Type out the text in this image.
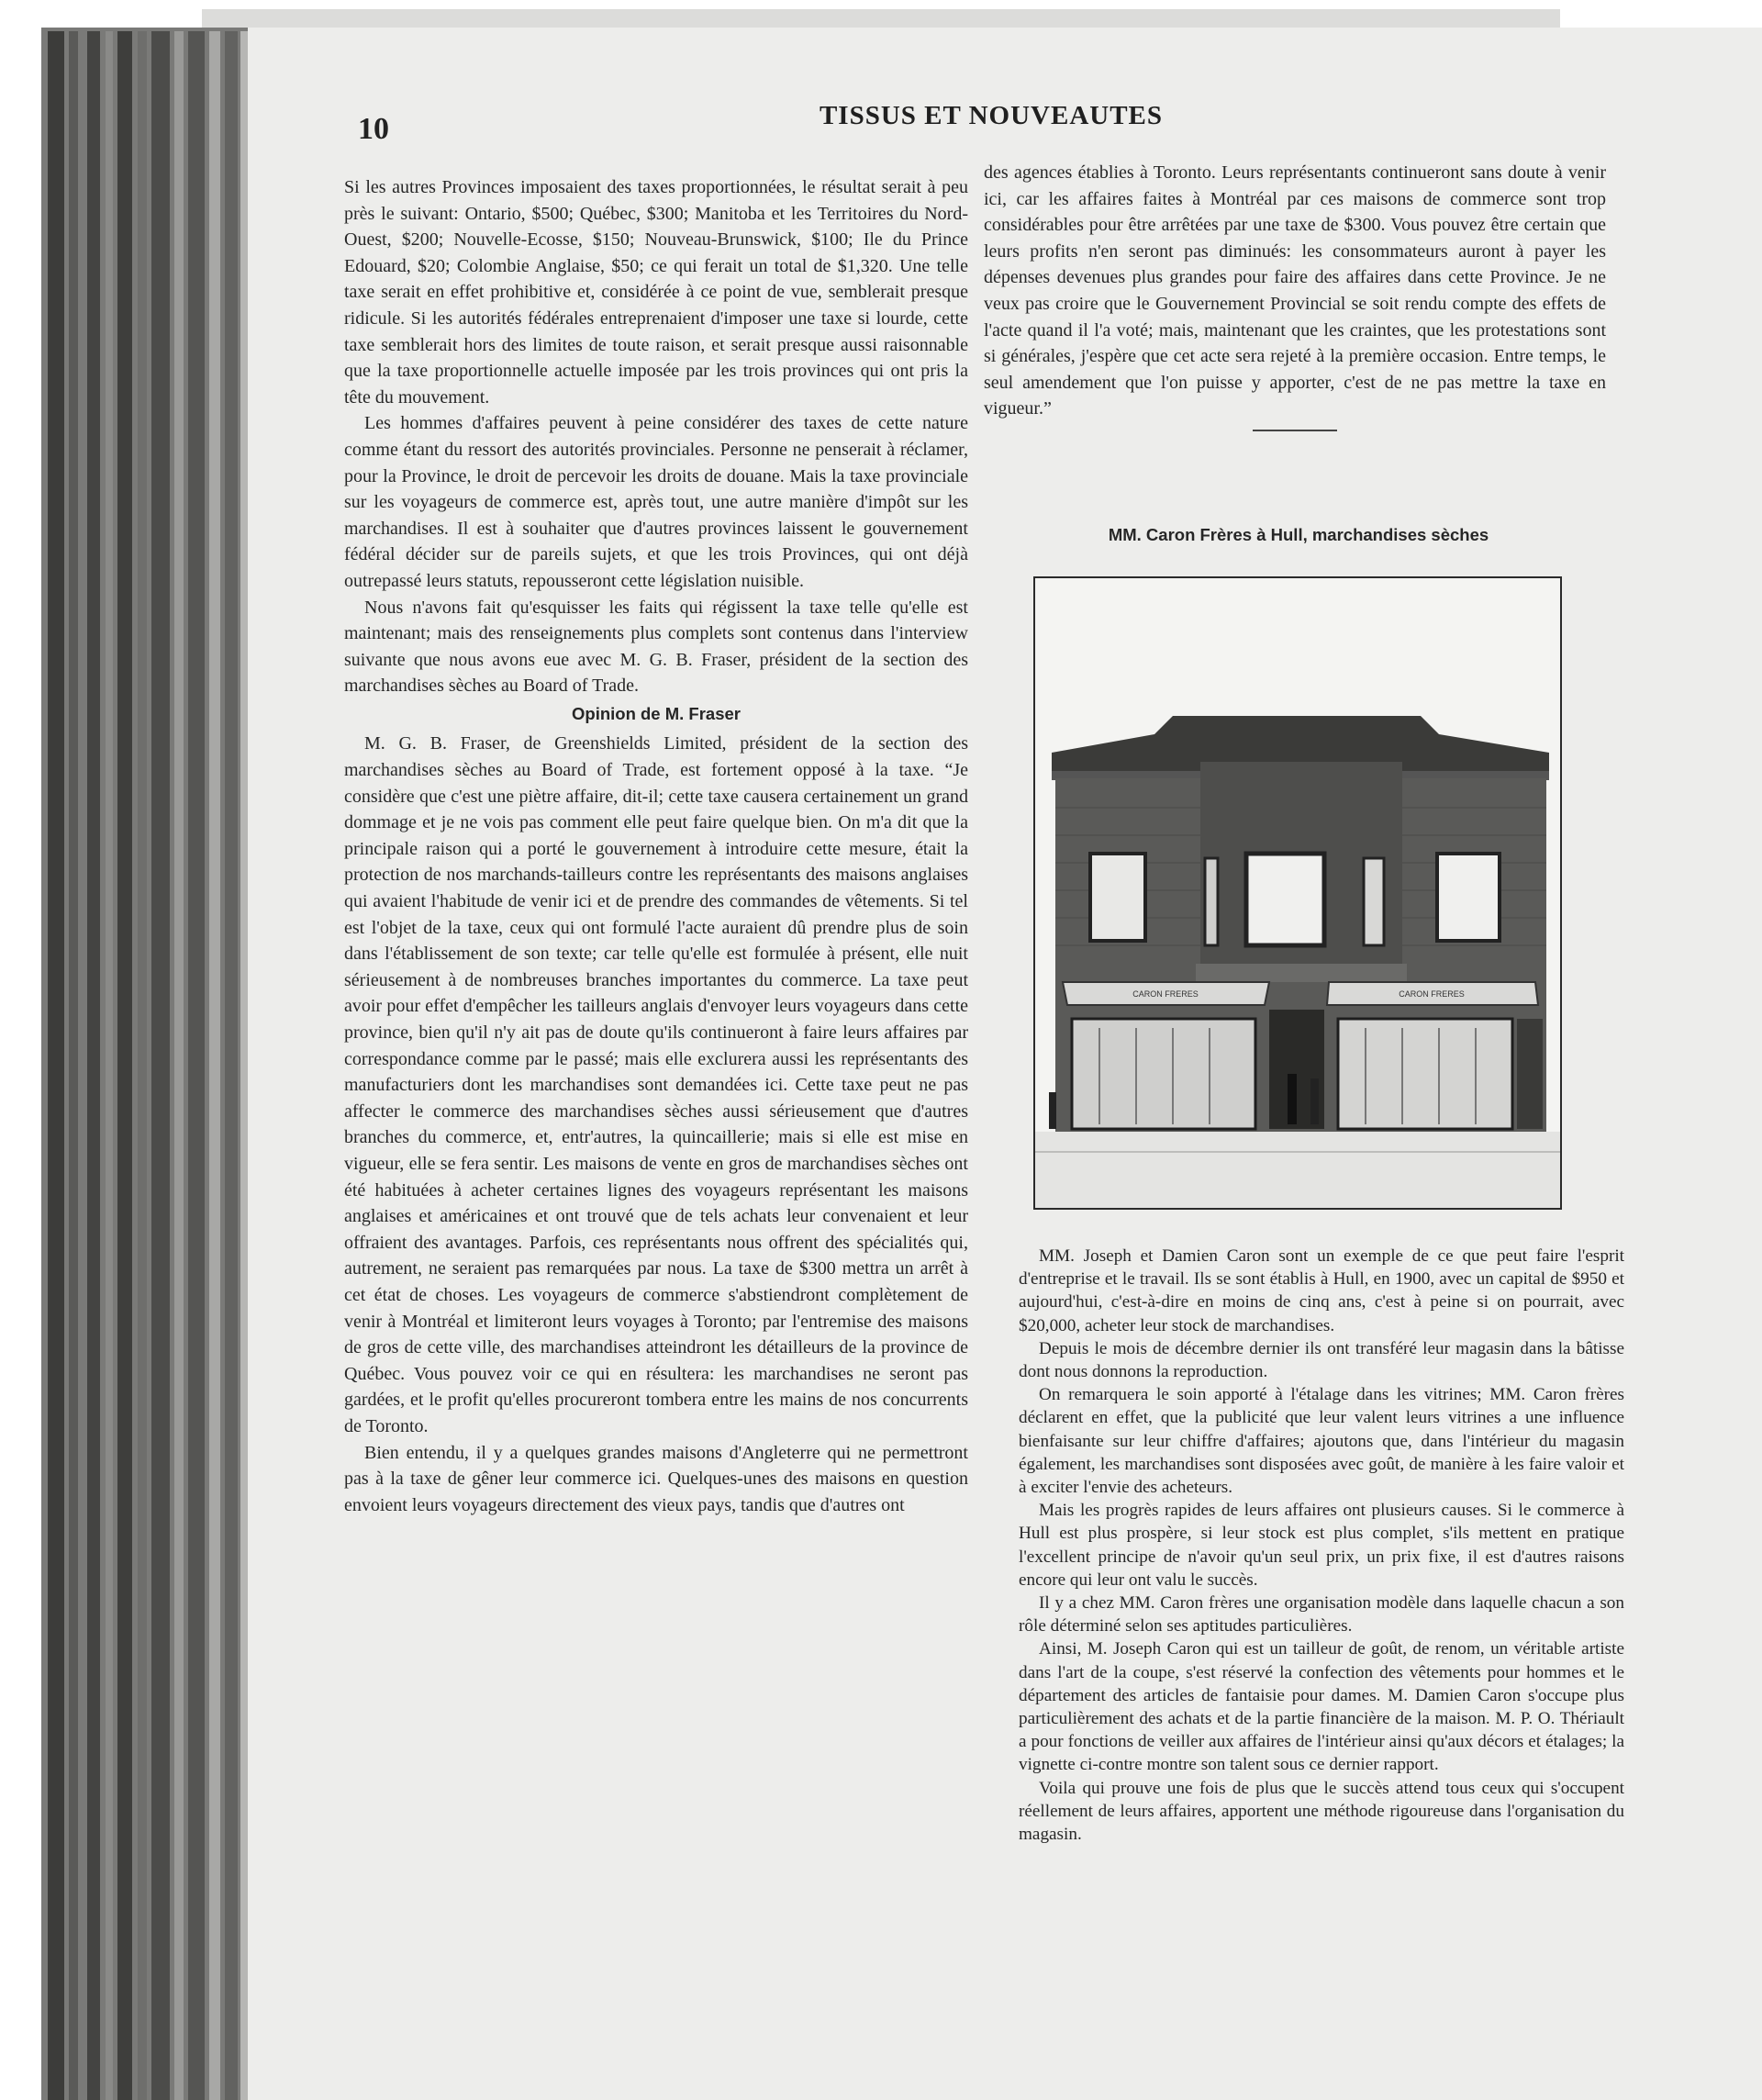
10	TISSUS ET NOUVEAUTES

Si les autres Provinces imposaient des taxes proportionnées, le résultat serait à peu près le suivant: Ontario, $500; Québec, $300; Manitoba et les Territoires du Nord-Ouest, $200; Nouvelle-Ecosse, $150; Nouveau-Brunswick, $100; Ile du Prince Edouard, $20; Colombie Anglaise, $50; ce qui ferait un total de $1,320. Une telle taxe serait en effet prohibitive et, considérée à ce point de vue, semblerait presque ridicule. Si les autorités fédérales entreprenaient d'imposer une taxe si lourde, cette taxe semblerait hors des limites de toute raison, et serait presque aussi raisonnable que la taxe proportionnelle actuelle imposée par les trois provinces qui ont pris la tête du mouvement.

Les hommes d'affaires peuvent à peine considérer des taxes de cette nature comme étant du ressort des autorités provinciales. Personne ne penserait à réclamer, pour la Province, le droit de percevoir les droits de douane. Mais la taxe provinciale sur les voyageurs de commerce est, après tout, une autre manière d'impôt sur les marchandises. Il est à souhaiter que d'autres provinces laissent le gouvernement fédéral décider sur de pareils sujets, et que les trois Provinces, qui ont déjà outrepassé leurs statuts, repousseront cette législation nuisible.

Nous n'avons fait qu'esquisser les faits qui régissent la taxe telle qu'elle est maintenant; mais des renseignements plus complets sont contenus dans l'interview suivante que nous avons eue avec M. G. B. Fraser, président de la section des marchandises sèches au Board of Trade.

Opinion de M. Fraser

M. G. B. Fraser, de Greenshields Limited, président de la section des marchandises sèches au Board of Trade, est fortement opposé à la taxe. “Je considère que c'est une piètre affaire, dit-il; cette taxe causera certainement un grand dommage et je ne vois pas comment elle peut faire quelque bien. On m'a dit que la principale raison qui a porté le gouvernement à introduire cette mesure, était la protection de nos marchands-tailleurs contre les représentants des maisons anglaises qui avaient l'habitude de venir ici et de prendre des commandes de vêtements. Si tel est l'objet de la taxe, ceux qui ont formulé l'acte auraient dû prendre plus de soin dans l'établissement de son texte; car telle qu'elle est formulée à présent, elle nuit sérieusement à de nombreuses branches importantes du commerce. La taxe peut avoir pour effet d'empêcher les tailleurs anglais d'envoyer leurs voyageurs dans cette province, bien qu'il n'y ait pas de doute qu'ils continueront à faire leurs affaires par correspondance comme par le passé; mais elle exclurera aussi les représentants des manufacturiers dont les marchandises sont demandées ici. Cette taxe peut ne pas affecter le commerce des marchandises sèches aussi sérieusement que d'autres branches du commerce, et, entr'autres, la quincaillerie; mais si elle est mise en vigueur, elle se fera sentir. Les maisons de vente en gros de marchandises sèches ont été habituées à acheter certaines lignes des voyageurs représentant les maisons anglaises et américaines et ont trouvé que de tels achats leur convenaient et leur offraient des avantages. Parfois, ces représentants nous offrent des spécialités qui, autrement, ne seraient pas remarquées par nous. La taxe de $300 mettra un arrêt à cet état de choses. Les voyageurs de commerce s'abstiendront complètement de venir à Montréal et limiteront leurs voyages à Toronto; par l'entremise des maisons de gros de cette ville, des marchandises atteindront les détailleurs de la province de Québec. Vous pouvez voir ce qui en résultera: les marchandises ne seront pas gardées, et le profit qu'elles procureront tombera entre les mains de nos concurrents de Toronto.

Bien entendu, il y a quelques grandes maisons d'Angleterre qui ne permettront pas à la taxe de gêner leur commerce ici. Quelques-unes des maisons en question envoient leurs voyageurs directement des vieux pays, tandis que d'autres ont

des agences établies à Toronto. Leurs représentants continueront sans doute à venir ici, car les affaires faites à Montréal par ces maisons de commerce sont trop considérables pour être arrêtées par une taxe de $300. Vous pouvez être certain que leurs profits n'en seront pas diminués: les consommateurs auront à payer les dépenses devenues plus grandes pour faire des affaires dans cette Province. Je ne veux pas croire que le Gouvernement Provincial se soit rendu compte des effets de l'acte quand il l'a voté; mais, maintenant que les craintes, que les protestations sont si générales, j'espère que cet acte sera rejeté à la première occasion. Entre temps, le seul amendement que l'on puisse y apporter, c'est de ne pas mettre la taxe en vigueur.”

MM. Caron Frères à Hull, marchandises sèches
CARON FRERES	CARON FRERES

MM. Joseph et Damien Caron sont un exemple de ce que peut faire l'esprit d'entreprise et le travail. Ils se sont établis à Hull, en 1900, avec un capital de $950 et aujourd'hui, c'est-à-dire en moins de cinq ans, c'est à peine si on pourrait, avec $20,000, acheter leur stock de marchandises.

Depuis le mois de décembre dernier ils ont transféré leur magasin dans la bâtisse dont nous donnons la reproduction.

On remarquera le soin apporté à l'étalage dans les vitrines; MM. Caron frères déclarent en effet, que la publicité que leur valent leurs vitrines a une influence bienfaisante sur leur chiffre d'affaires; ajoutons que, dans l'intérieur du magasin également, les marchandises sont disposées avec goût, de manière à les faire valoir et à exciter l'envie des acheteurs.

Mais les progrès rapides de leurs affaires ont plusieurs causes. Si le commerce à Hull est plus prospère, si leur stock est plus complet, s'ils mettent en pratique l'excellent principe de n'avoir qu'un seul prix, un prix fixe, il est d'autres raisons encore qui leur ont valu le succès.

Il y a chez MM. Caron frères une organisation modèle dans laquelle chacun a son rôle déterminé selon ses aptitudes particulières.

Ainsi, M. Joseph Caron qui est un tailleur de goût, de renom, un véritable artiste dans l'art de la coupe, s'est réservé la confection des vêtements pour hommes et le département des articles de fantaisie pour dames. M. Damien Caron s'occupe plus particulièrement des achats et de la partie financière de la maison. M. P. O. Thériault a pour fonctions de veiller aux affaires de l'intérieur ainsi qu'aux décors et étalages; la vignette ci-contre montre son talent sous ce dernier rapport.

Voila qui prouve une fois de plus que le succès attend tous ceux qui s'occupent réellement de leurs affaires, apportent une méthode rigoureuse dans l'organisation du magasin.
